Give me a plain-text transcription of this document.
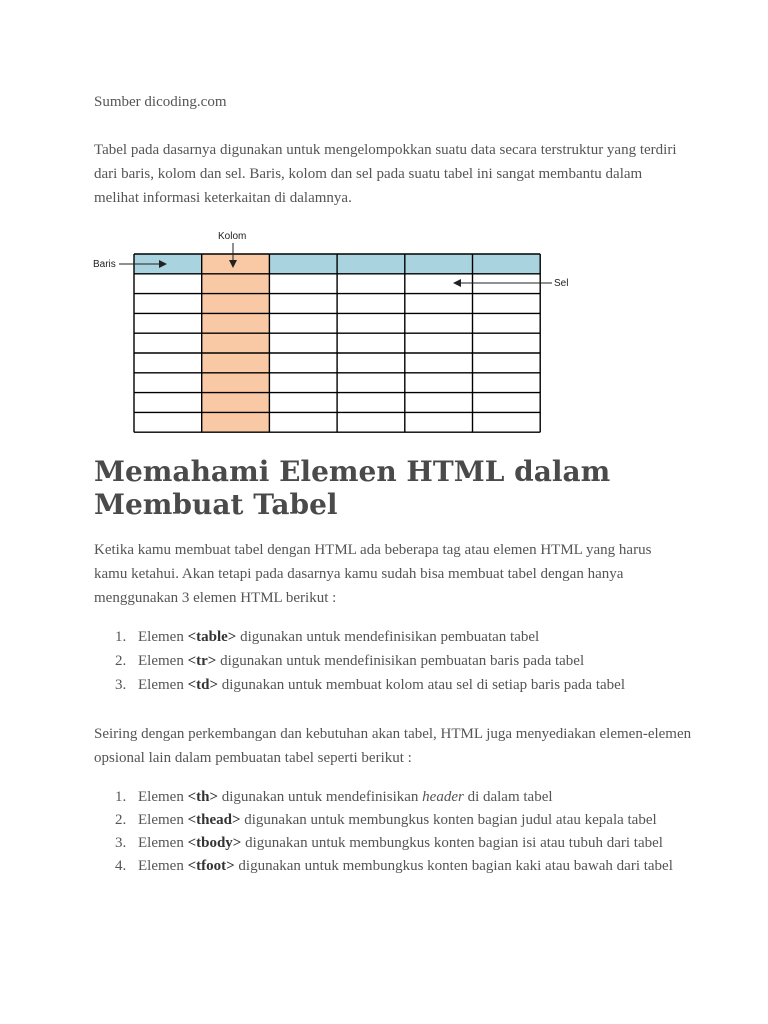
Sumber dicoding.com

Tabel pada dasarnya digunakan untuk mengelompokkan suatu data secara terstruktur yang terdiri dari baris, kolom dan sel. Baris, kolom dan sel pada suatu tabel ini sangat membantu dalam melihat informasi keterkaitan di dalamnya.

Kolom
Baris
Sel
Memahami Elemen HTML dalam Membuat Tabel

Ketika kamu membuat tabel dengan HTML ada beberapa tag atau elemen HTML yang harus kamu ketahui. Akan tetapi pada dasarnya kamu sudah bisa membuat tabel dengan hanya menggunakan 3 elemen HTML berikut :

1. Elemen <table> digunakan untuk mendefinisikan pembuatan tabel
2. Elemen <tr> digunakan untuk mendefinisikan pembuatan baris pada tabel
3. Elemen <td> digunakan untuk membuat kolom atau sel di setiap baris pada tabel

Seiring dengan perkembangan dan kebutuhan akan tabel, HTML juga menyediakan elemen-elemen opsional lain dalam pembuatan tabel seperti berikut :

1. Elemen <th> digunakan untuk mendefinisikan header di dalam tabel
2. Elemen <thead> digunakan untuk membungkus konten bagian judul atau kepala tabel
3. Elemen <tbody> digunakan untuk membungkus konten bagian isi atau tubuh dari tabel
4. Elemen <tfoot> digunakan untuk membungkus konten bagian kaki atau bawah dari tabel
